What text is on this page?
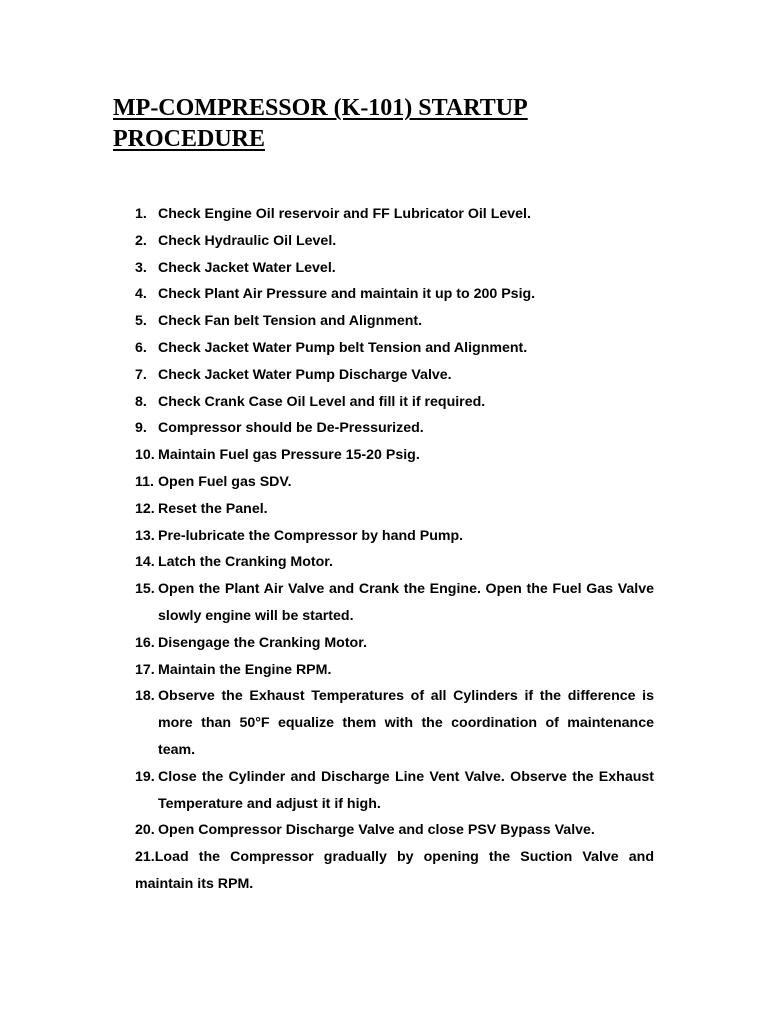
MP-COMPRESSOR (K-101) STARTUP PROCEDURE
1. Check Engine Oil reservoir and FF Lubricator Oil Level.
2. Check Hydraulic Oil Level.
3. Check Jacket Water Level.
4. Check Plant Air Pressure and maintain it up to 200 Psig.
5. Check Fan belt Tension and Alignment.
6. Check Jacket Water Pump belt Tension and Alignment.
7. Check Jacket Water Pump Discharge Valve.
8. Check Crank Case Oil Level and fill it if required.
9. Compressor should be De-Pressurized.
10. Maintain Fuel gas Pressure 15-20 Psig.
11. Open Fuel gas SDV.
12. Reset the Panel.
13. Pre-lubricate the Compressor by hand Pump.
14. Latch the Cranking Motor.
15. Open the Plant Air Valve and Crank the Engine. Open the Fuel Gas Valve slowly engine will be started.
16. Disengage the Cranking Motor.
17. Maintain the Engine RPM.
18. Observe the Exhaust Temperatures of all Cylinders if the difference is more than 50°F equalize them with the coordination of maintenance team.
19. Close the Cylinder and Discharge Line Vent Valve. Observe the Exhaust Temperature and adjust it if high.
20. Open Compressor Discharge Valve and close PSV Bypass Valve.
21.Load the Compressor gradually by opening the Suction Valve and maintain its RPM.
